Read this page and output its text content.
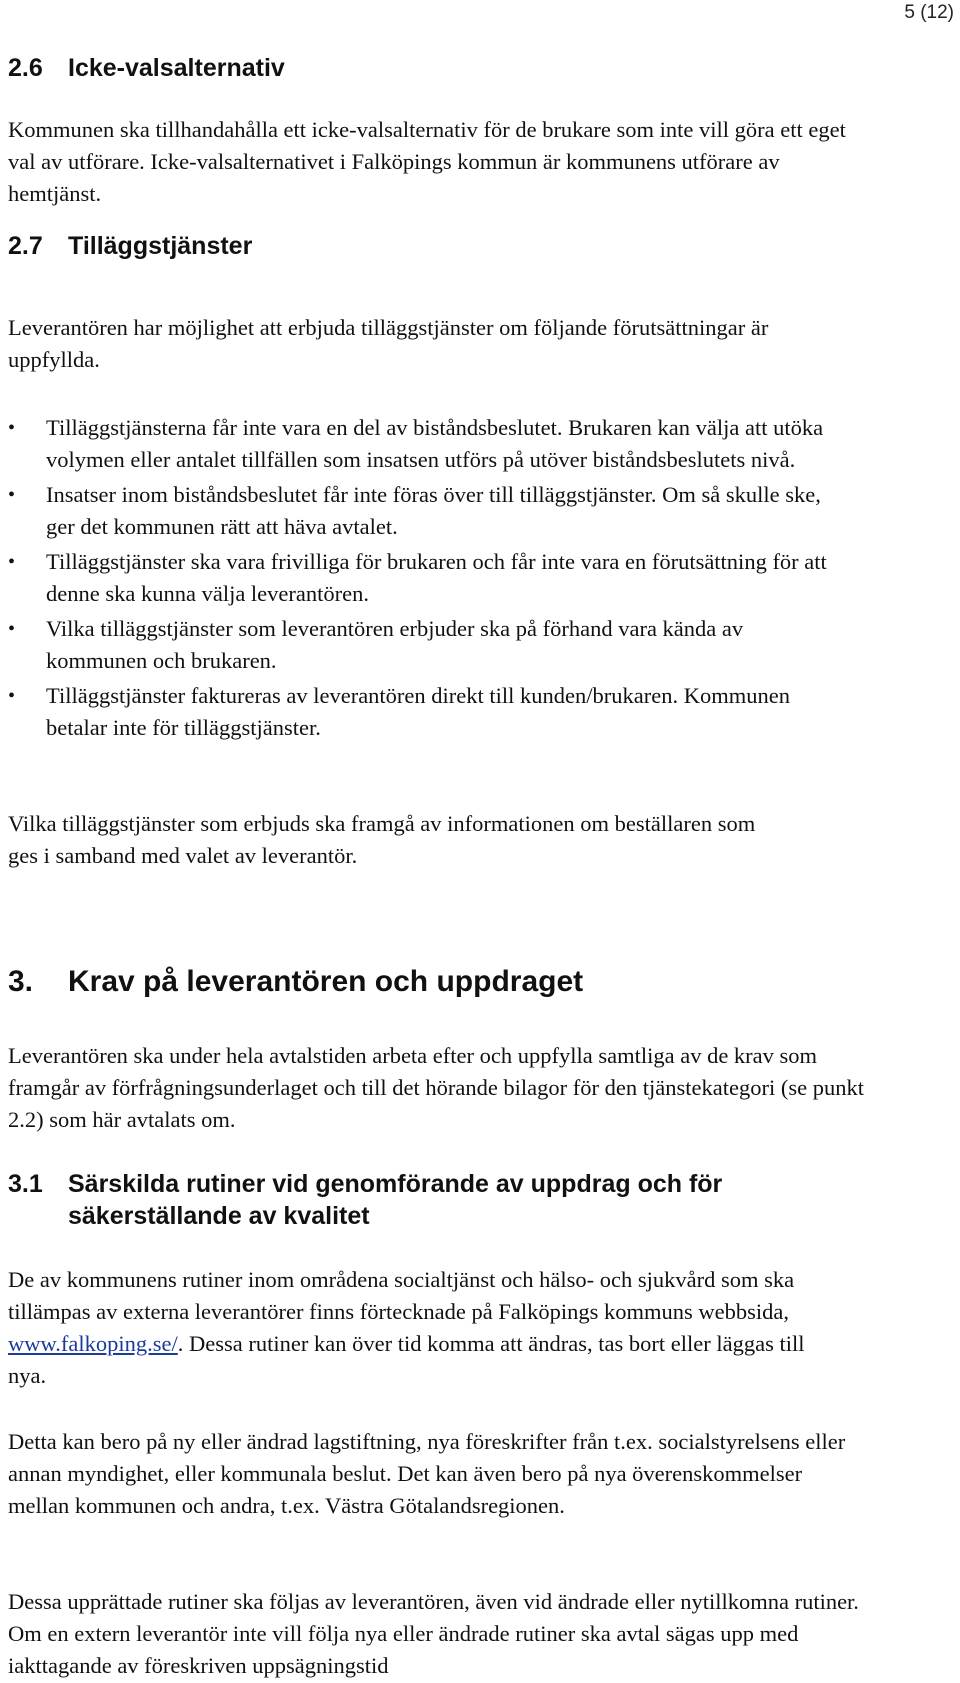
5 (12)
2.6	Icke-valsalternativ

Kommunen ska tillhandahålla ett icke-valsalternativ för de brukare som inte vill göra ett eget val av utförare. Icke-valsalternativet i Falköpings kommun är kommunens utförare av hemtjänst.

2.7	Tilläggstjänster

Leverantören har möjlighet att erbjuda tilläggstjänster om följande förutsättningar är uppfyllda.

• Tilläggstjänsterna får inte vara en del av biståndsbeslutet. Brukaren kan välja att utöka volymen eller antalet tillfällen som insatsen utförs på utöver biståndsbeslutets nivå.
• Insatser inom biståndsbeslutet får inte föras över till tilläggstjänster. Om så skulle ske, ger det kommunen rätt att häva avtalet.
• Tilläggstjänster ska vara frivilliga för brukaren och får inte vara en förutsättning för att denne ska kunna välja leverantören.
• Vilka tilläggstjänster som leverantören erbjuder ska på förhand vara kända av kommunen och brukaren.
• Tilläggstjänster faktureras av leverantören direkt till kunden/brukaren. Kommunen betalar inte för tilläggstjänster.

Vilka tilläggstjänster som erbjuds ska framgå av informationen om beställaren som ges i samband med valet av leverantör.

3.	Krav på leverantören och uppdraget

Leverantören ska under hela avtalstiden arbeta efter och uppfylla samtliga av de krav som framgår av förfrågningsunderlaget och till det hörande bilagor för den tjänstekategori (se punkt 2.2) som här avtalats om.

3.1	Särskilda rutiner vid genomförande av uppdrag och för
säkerställande av kvalitet

De av kommunens rutiner inom områdena socialtjänst och hälso- och sjukvård som ska tillämpas av externa leverantörer finns förtecknade på Falköpings kommuns webbsida, www.falkoping.se/. Dessa rutiner kan över tid komma att ändras, tas bort eller läggas till nya.

Detta kan bero på ny eller ändrad lagstiftning, nya föreskrifter från t.ex. socialstyrelsens eller annan myndighet, eller kommunala beslut. Det kan även bero på nya överenskommelser mellan kommunen och andra, t.ex. Västra Götalandsregionen.

Dessa upprättade rutiner ska följas av leverantören, även vid ändrade eller nytillkomna rutiner. Om en extern leverantör inte vill följa nya eller ändrade rutiner ska avtal sägas upp med iakttagande av föreskriven uppsägningstid
